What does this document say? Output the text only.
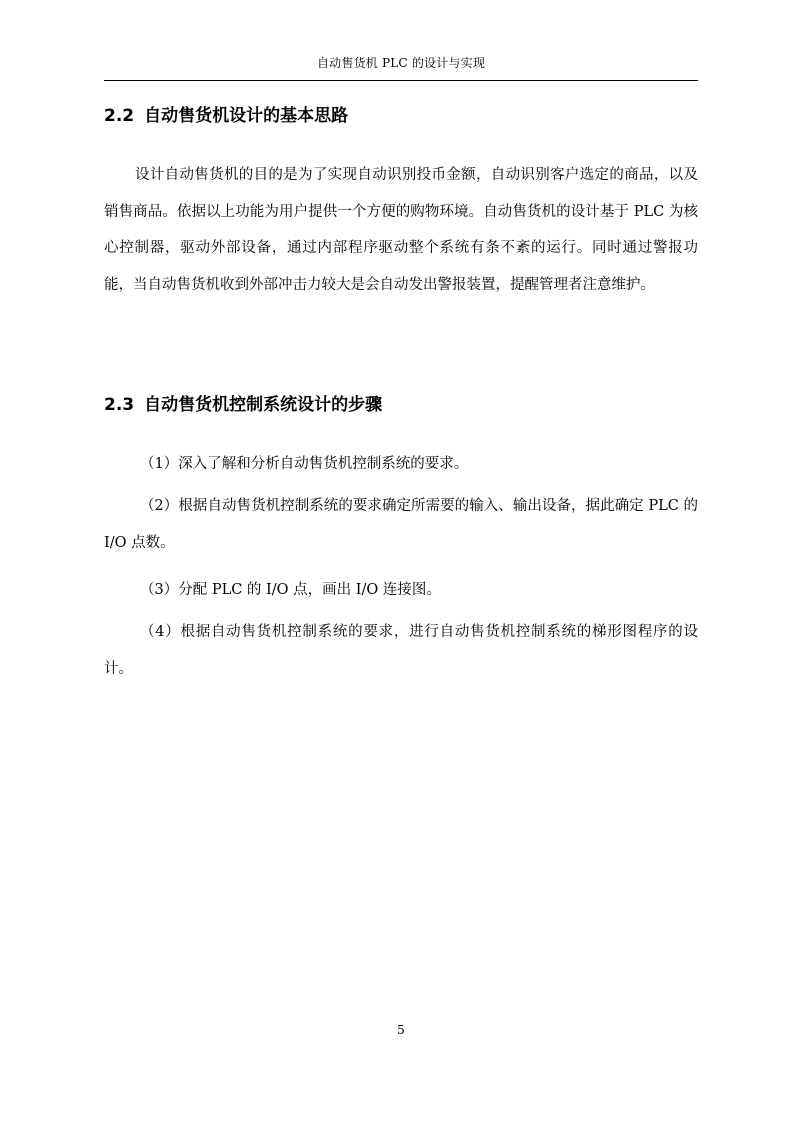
自动售货机 PLC 的设计与实现
2.2 自动售货机设计的基本思路

设计自动售货机的目的是为了实现自动识别投币金额，自动识别客户选定的商品，以及销售商品。依据以上功能为用户提供一个方便的购物环境。自动售货机的设计基于 PLC 为核心控制器，驱动外部设备，通过内部程序驱动整个系统有条不紊的运行。同时通过警报功能，当自动售货机收到外部冲击力较大是会自动发出警报装置，提醒管理者注意维护。

2.3 自动售货机控制系统设计的步骤

（1）深入了解和分析自动售货机控制系统的要求。

（2）根据自动售货机控制系统的要求确定所需要的输入、输出设备，据此确定 PLC 的 I/O 点数。

（3）分配 PLC 的 I/O 点，画出 I/O 连接图。

（4）根据自动售货机控制系统的要求，进行自动售货机控制系统的梯形图程序的设计。

5
